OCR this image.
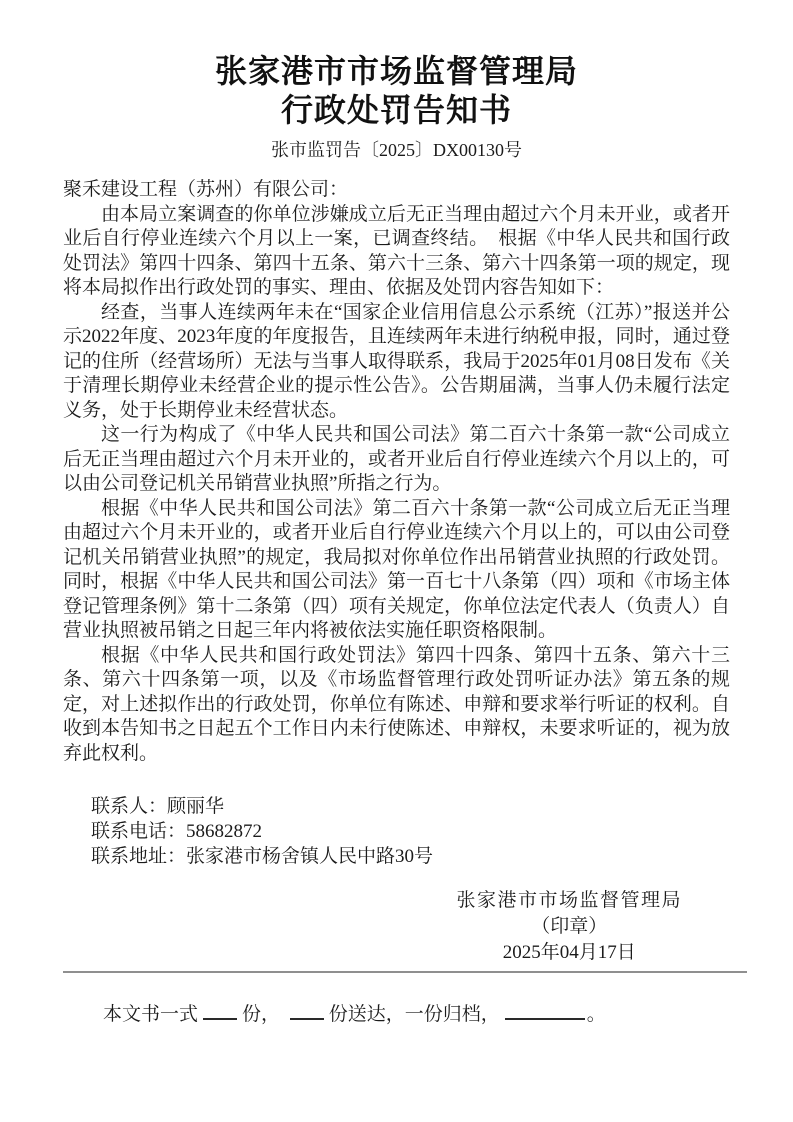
张家港市市场监督管理局
行政处罚告知书
张市监罚告〔2025〕DX00130号

聚禾建设工程（苏州）有限公司：

由本局立案调查的你单位涉嫌成立后无正当理由超过六个月未开业，或者开业后自行停业连续六个月以上一案，已调查终结。　根据《中华人民共和国行政处罚法》第四十四条、第四十五条、第六十三条、第六十四条第一项的规定，现将本局拟作出行政处罚的事实、理由、依据及处罚内容告知如下：

经查，当事人连续两年未在“国家企业信用信息公示系统（江苏）”报送并公示2022年度、2023年度的年度报告，且连续两年未进行纳税申报，同时，通过登记的住所（经营场所）无法与当事人取得联系，我局于2025年01月08日发布《关于清理长期停业未经营企业的提示性公告》。公告期届满，当事人仍未履行法定义务，处于长期停业未经营状态。

这一行为构成了《中华人民共和国公司法》第二百六十条第一款“公司成立后无正当理由超过六个月未开业的，或者开业后自行停业连续六个月以上的，可以由公司登记机关吊销营业执照”所指之行为。

根据《中华人民共和国公司法》第二百六十条第一款“公司成立后无正当理由超过六个月未开业的，或者开业后自行停业连续六个月以上的，可以由公司登记机关吊销营业执照”的规定，我局拟对你单位作出吊销营业执照的行政处罚。同时，根据《中华人民共和国公司法》第一百七十八条第（四）项和《市场主体登记管理条例》第十二条第（四）项有关规定，你单位法定代表人（负责人）自营业执照被吊销之日起三年内将被依法实施任职资格限制。

根据《中华人民共和国行政处罚法》第四十四条、第四十五条、第六十三条、第六十四条第一项，以及《市场监督管理行政处罚听证办法》第五条的规定，对上述拟作出的行政处罚，你单位有陈述、申辩和要求举行听证的权利。自收到本告知书之日起五个工作日内未行使陈述、申辩权，未要求听证的，视为放弃此权利。

联系人：顾丽华

联系电话：58682872

联系地址：张家港市杨舍镇人民中路30号

张家港市市场监督管理局
（印章）
2025年04月17日
本文书一式 份，	份送达，一份归档，	。
